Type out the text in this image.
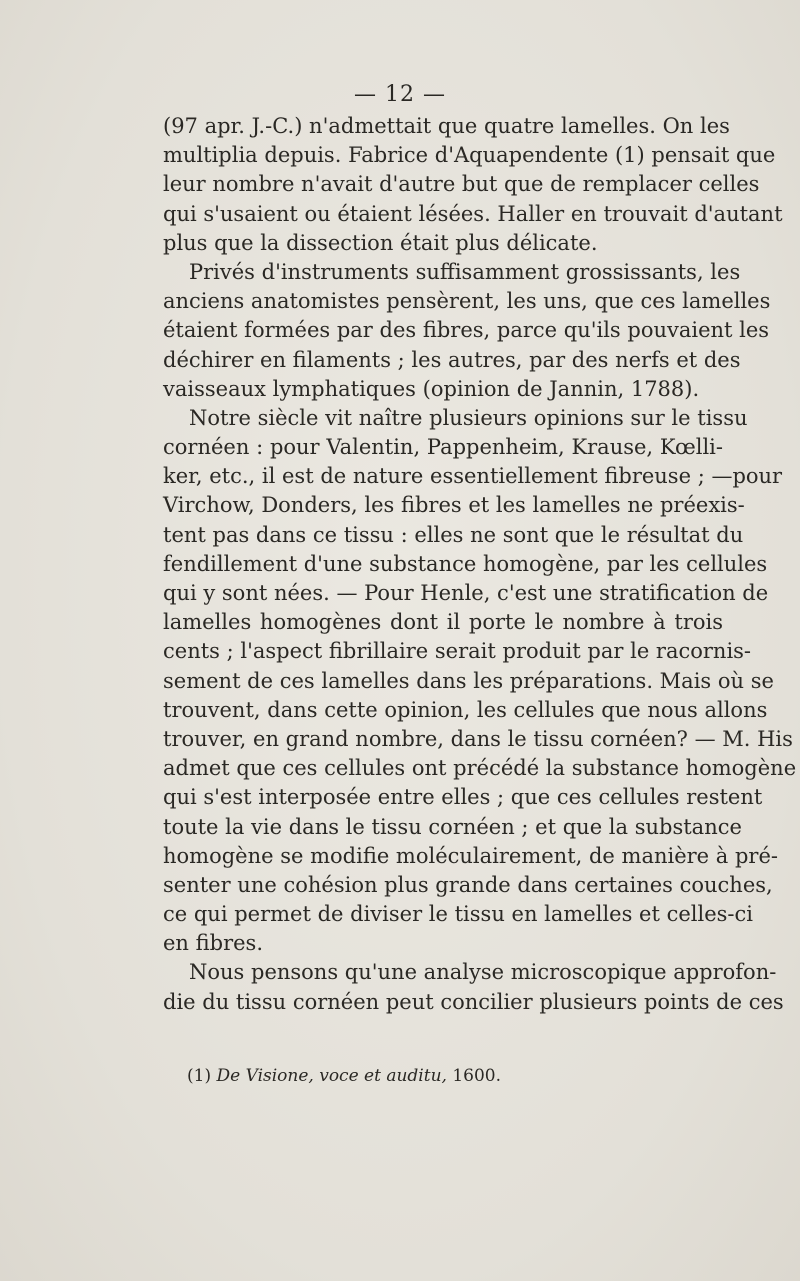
— 12 —
(97 apr. J.-C.) n'admettait que quatre lamelles. On les
multiplia depuis. Fabrice d'Aquapendente (1) pensait que
leur nombre n'avait d'autre but que de remplacer celles
qui s'usaient ou étaient lésées. Haller en trouvait d'autant
plus que la dissection était plus délicate.
Privés d'instruments suffisamment grossissants, les
anciens anatomistes pensèrent, les uns, que ces lamelles
étaient formées par des fibres, parce qu'ils pouvaient les
déchirer en filaments ; les autres, par des nerfs et des
vaisseaux lymphatiques (opinion de Jannin, 1788).
Notre siècle vit naître plusieurs opinions sur le tissu
cornéen : pour Valentin, Pappenheim, Krause, Kœlli-
ker, etc., il est de nature essentiellement fibreuse ; —pour
Virchow, Donders, les fibres et les lamelles ne préexis-
tent pas dans ce tissu : elles ne sont que le résultat du
fendillement d'une substance homogène, par les cellules
qui y sont nées. — Pour Henle, c'est une stratification de
lamelles homogènes dont il porte le nombre à trois
cents ; l'aspect fibrillaire serait produit par le racornis-
sement de ces lamelles dans les préparations. Mais où se
trouvent, dans cette opinion, les cellules que nous allons
trouver, en grand nombre, dans le tissu cornéen? — M. His
admet que ces cellules ont précédé la substance homogène
qui s'est interposée entre elles ; que ces cellules restent
toute la vie dans le tissu cornéen ; et que la substance
homogène se modifie moléculairement, de manière à pré-
senter une cohésion plus grande dans certaines couches,
ce qui permet de diviser le tissu en lamelles et celles-ci
en fibres.
Nous pensons qu'une analyse microscopique approfon-
die du tissu cornéen peut concilier plusieurs points de ces
(1) De Visione, voce et auditu, 1600.
